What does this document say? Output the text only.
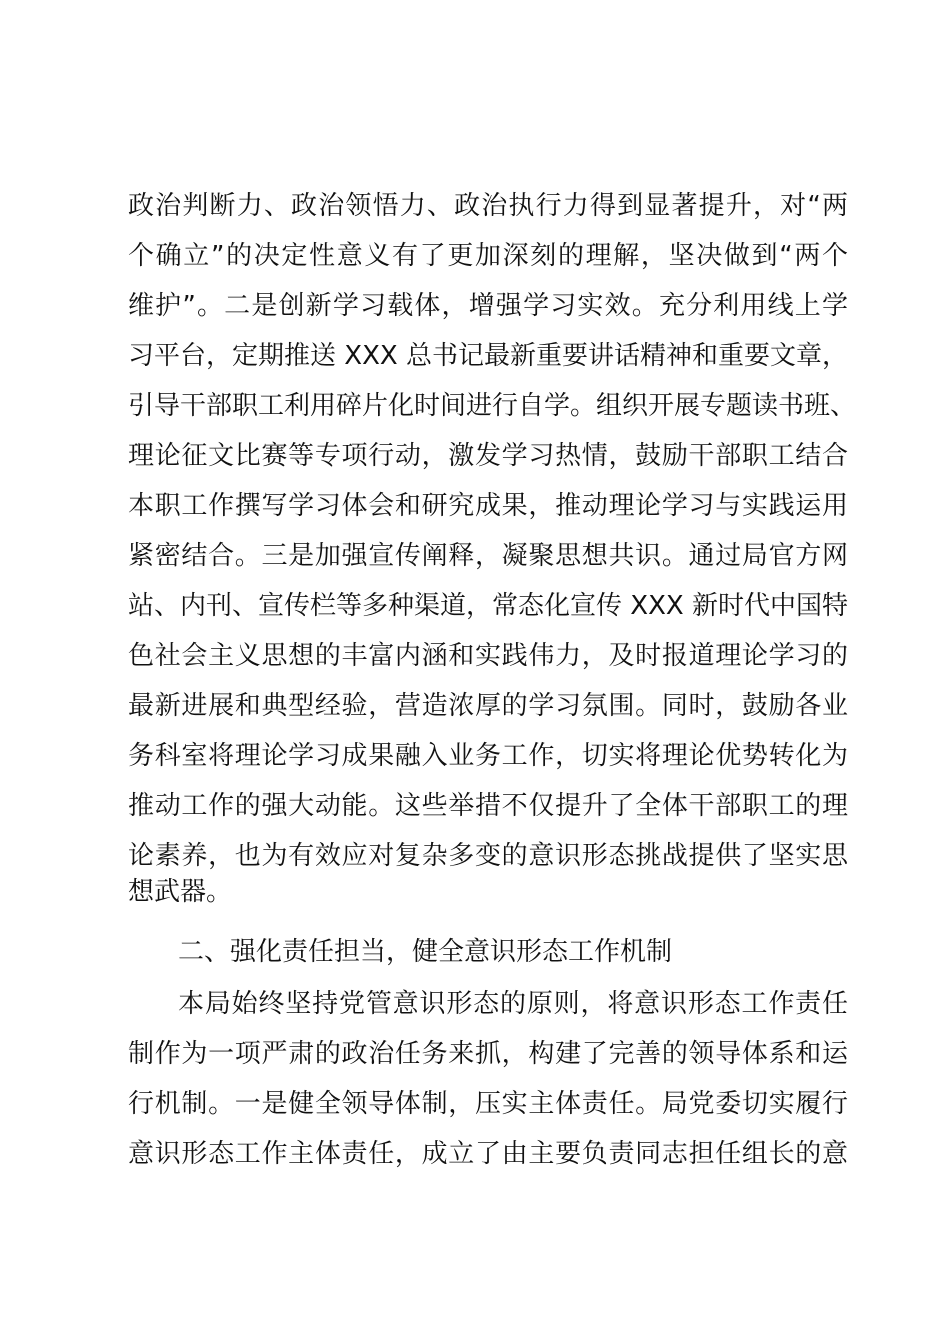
政治判断力、政治领悟力、政治执行力得到显著提升，对“两
个确立”的决定性意义有了更加深刻的理解，坚决做到“两个
维护”。二是创新学习载体，增强学习实效。充分利用线上学
习平台，定期推送 XXX 总书记最新重要讲话精神和重要文章，
引导干部职工利用碎片化时间进行自学。组织开展专题读书班、
理论征文比赛等专项行动，激发学习热情，鼓励干部职工结合
本职工作撰写学习体会和研究成果，推动理论学习与实践运用
紧密结合。三是加强宣传阐释，凝聚思想共识。通过局官方网
站、内刊、宣传栏等多种渠道，常态化宣传 XXX 新时代中国特
色社会主义思想的丰富内涵和实践伟力，及时报道理论学习的
最新进展和典型经验，营造浓厚的学习氛围。同时，鼓励各业
务科室将理论学习成果融入业务工作，切实将理论优势转化为
推动工作的强大动能。这些举措不仅提升了全体干部职工的理
论素养，也为有效应对复杂多变的意识形态挑战提供了坚实思
想武器。
二、强化责任担当，健全意识形态工作机制
本局始终坚持党管意识形态的原则，将意识形态工作责任
制作为一项严肃的政治任务来抓，构建了完善的领导体系和运
行机制。一是健全领导体制，压实主体责任。局党委切实履行
意识形态工作主体责任，成立了由主要负责同志担任组长的意
